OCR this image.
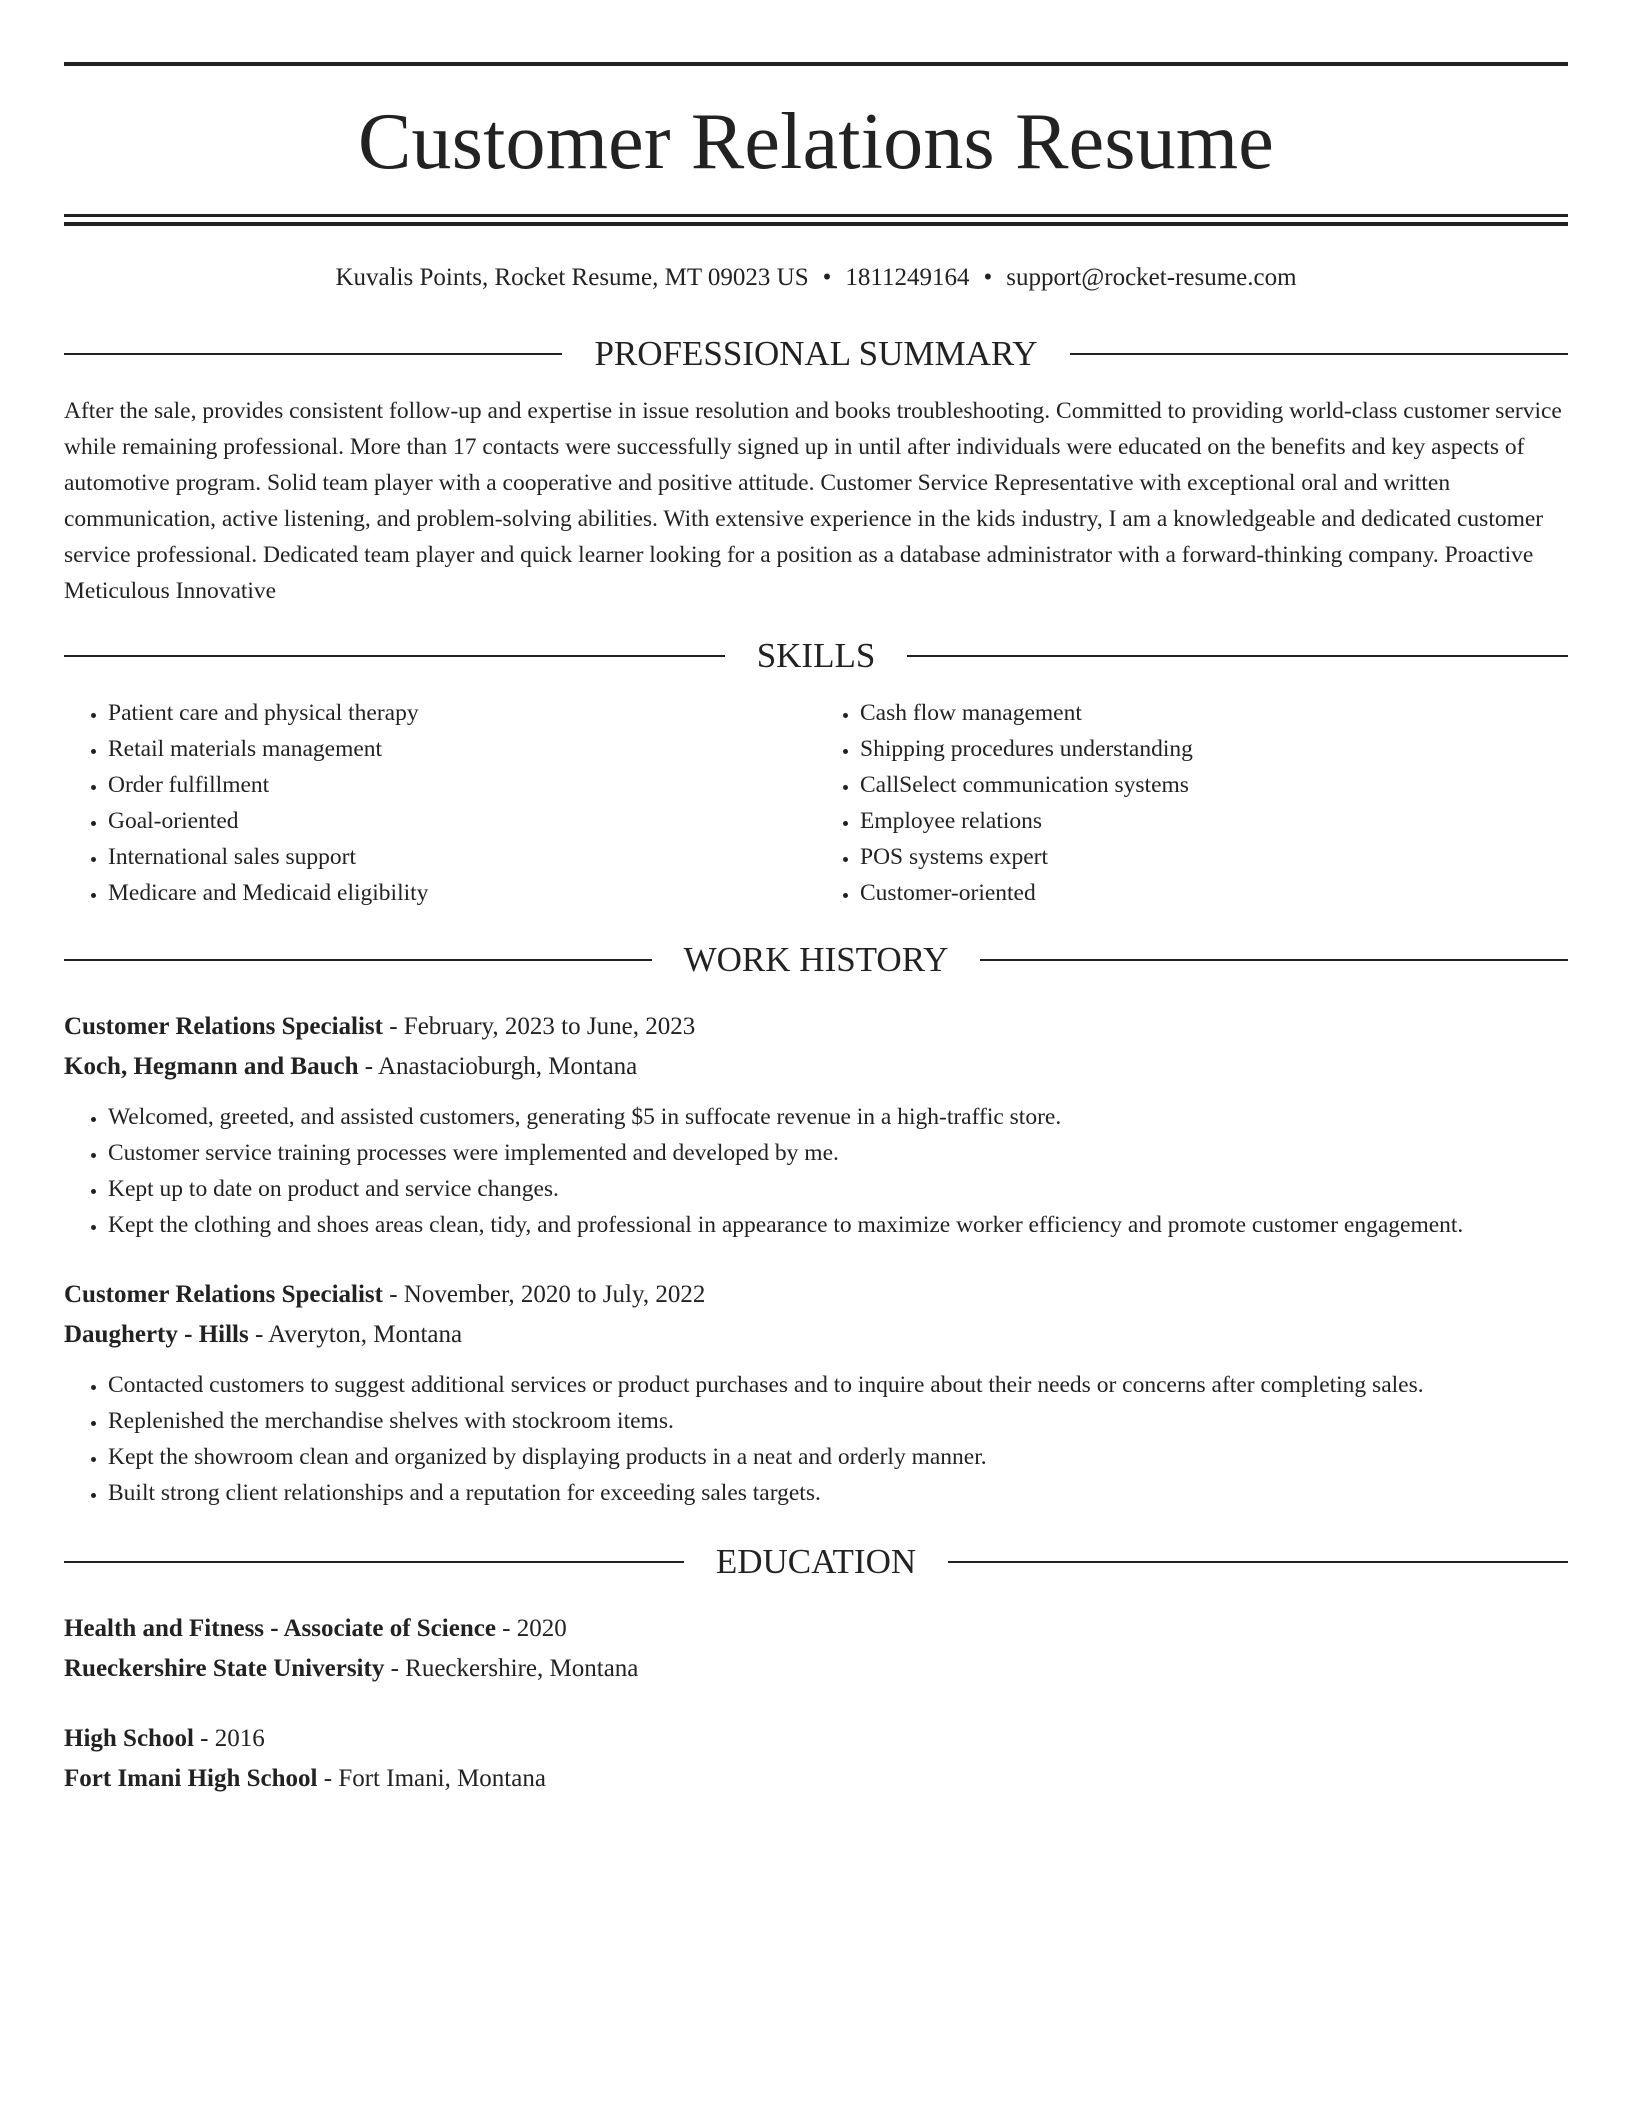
Customer Relations Resume
Kuvalis Points, Rocket Resume, MT 09023 US • 1811249164 • support@rocket-resume.com
PROFESSIONAL SUMMARY

After the sale, provides consistent follow-up and expertise in issue resolution and books troubleshooting. Committed to providing world-class customer service while remaining professional. More than 17 contacts were successfully signed up in until after individuals were educated on the benefits and key aspects of automotive program. Solid team player with a cooperative and positive attitude. Customer Service Representative with exceptional oral and written communication, active listening, and problem-solving abilities. With extensive experience in the kids industry, I am a knowledgeable and dedicated customer service professional. Dedicated team player and quick learner looking for a position as a database administrator with a forward-thinking company. Proactive Meticulous Innovative

SKILLS
• Patient care and physical therapy
• Retail materials management
• Order fulfillment
• Goal-oriented
• International sales support
• Medicare and Medicaid eligibility
• Cash flow management
• Shipping procedures understanding
• CallSelect communication systems
• Employee relations
• POS systems expert
• Customer-oriented
WORK HISTORY
Customer Relations Specialist - February, 2023 to June, 2023
Koch, Hegmann and Bauch - Anastacioburgh, Montana
• Welcomed, greeted, and assisted customers, generating $5 in suffocate revenue in a high-traffic store.
• Customer service training processes were implemented and developed by me.
• Kept up to date on product and service changes.
• Kept the clothing and shoes areas clean, tidy, and professional in appearance to maximize worker efficiency and promote customer engagement.
Customer Relations Specialist - November, 2020 to July, 2022
Daugherty - Hills - Averyton, Montana
• Contacted customers to suggest additional services or product purchases and to inquire about their needs or concerns after completing sales.
• Replenished the merchandise shelves with stockroom items.
• Kept the showroom clean and organized by displaying products in a neat and orderly manner.
• Built strong client relationships and a reputation for exceeding sales targets.
EDUCATION
Health and Fitness - Associate of Science - 2020
Rueckershire State University - Rueckershire, Montana
High School - 2016
Fort Imani High School - Fort Imani, Montana
